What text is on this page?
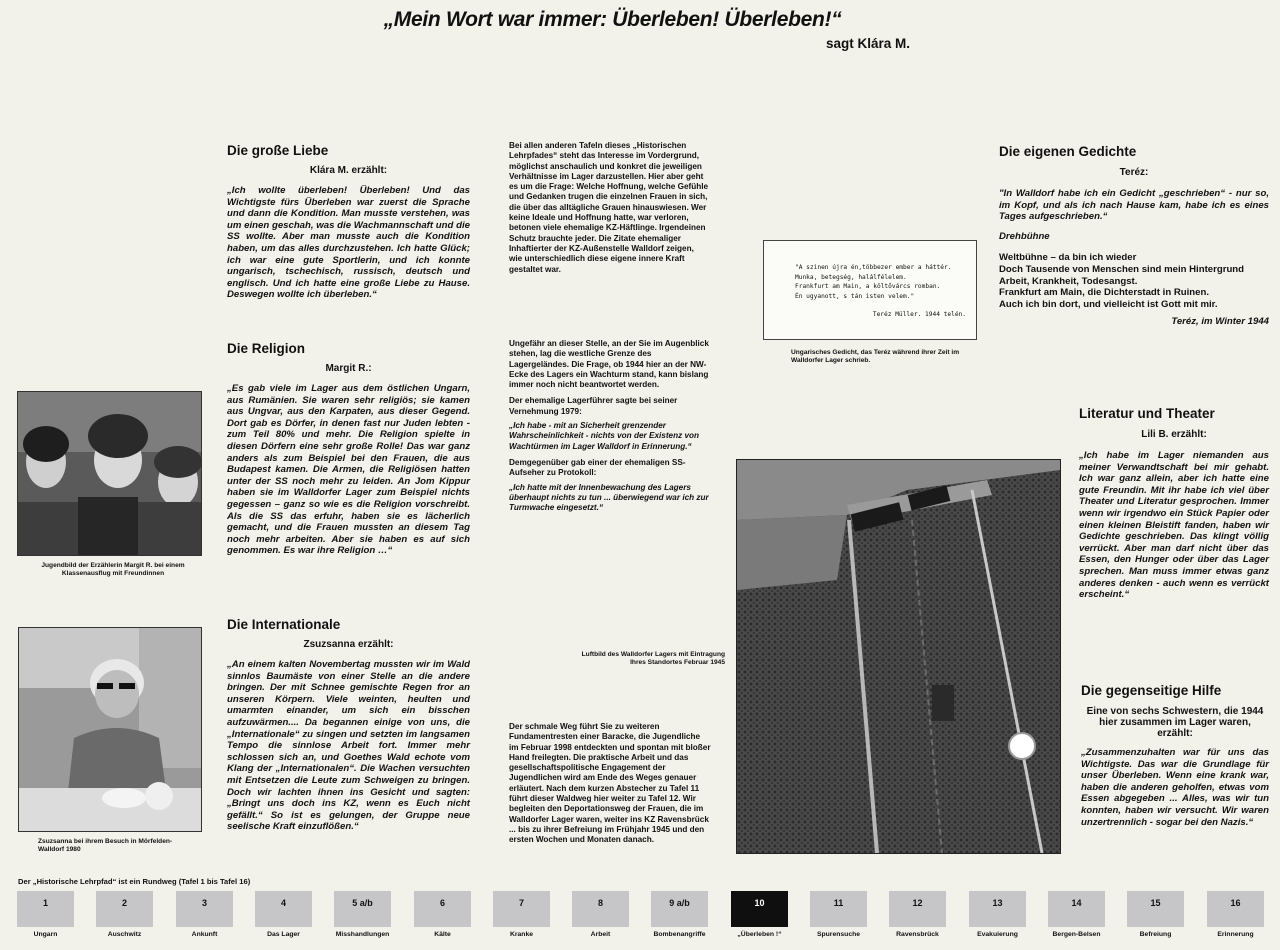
„Mein Wort war immer: Überleben! Überleben!“
sagt Klára M.
Die große Liebe
Klára M. erzählt:
„Ich wollte überleben! Überleben! Und das Wichtigste fürs Überleben war zuerst die Sprache und dann die Kondition. Man musste verstehen, was um einen geschah, was die Wachmannschaft und die SS wollte. Aber man musste auch die Kondition haben, um das alles durchzustehen. Ich hatte Glück; ich war eine gute Sportlerin, und ich konnte ungarisch, tschechisch, russisch, deutsch und englisch. Und ich hatte eine große Liebe zu Hause. Deswegen wollte ich überleben.“
Die Religion
Margit R.:
„Es gab viele im Lager aus dem östlichen Ungarn, aus Rumänien. Sie waren sehr religiös; sie kamen aus Ungvar, aus den Karpaten, aus dieser Gegend. Dort gab es Dörfer, in denen fast nur Juden lebten - zum Teil 80% und mehr. Die Religion spielte in diesen Dörfern eine sehr große Rolle! Das war ganz anders als zum Beispiel bei den Frauen, die aus Budapest kamen. Die Armen, die Religiösen hatten unter der SS noch mehr zu leiden. An Jom Kippur haben sie im Walldorfer Lager zum Beispiel nichts gegessen – ganz so wie es die Religion vorschreibt. Als die SS das erfuhr, haben sie es lächerlich gemacht, und die Frauen mussten an diesem Tag noch mehr arbeiten. Aber sie haben es auf sich genommen. Es war ihre Religion …“
Die Internationale
Zsuzsanna erzählt:
„An einem kalten Novembertag mussten wir im Wald sinnlos Baumäste von einer Stelle an die andere bringen. Der mit Schnee gemischte Regen fror an unseren Körpern. Viele weinten, heulten und umarmten einander, um sich ein bisschen aufzuwärmen.... Da begannen einige von uns, die „Internationale“ zu singen und setzten im langsamen Tempo die sinnlose Arbeit fort. Immer mehr schlossen sich an, und Goethes Wald echote vom Klang der „Internationalen“. Die Wachen versuchten mit Entsetzen die Leute zum Schweigen zu bringen. Doch wir lachten ihnen ins Gesicht und sagten: „Bringt uns doch ins KZ, wenn es Euch nicht gefällt.“ So ist es gelungen, der Gruppe neue seelische Kraft einzuflößen.“
Jugendbild der Erzählerin Margit R. bei einem Klassenausflug mit Freundinnen
Zsuzsanna bei ihrem Besuch in Mörfelden-Walldorf 1980
Bei allen anderen Tafeln dieses „Historischen Lehrpfades“ steht das Interesse im Vordergrund, möglichst anschaulich und konkret die jeweiligen Verhältnisse im Lager darzustellen. Hier aber geht es um die Frage: Welche Hoffnung, welche Gefühle und Gedanken trugen die einzelnen Frauen in sich, die über das alltägliche Grauen hinauswiesen. Wer keine Ideale und Hoffnung hatte, war verloren, betonen viele ehemalige KZ-Häftlinge. Irgendeinen Schutz brauchte jeder. Die Zitate ehemaliger Inhaftierter der KZ-Außenstelle Walldorf zeigen, wie unterschiedlich diese eigene innere Kraft gestaltet war.

Ungefähr an dieser Stelle, an der Sie im Augenblick stehen, lag die westliche Grenze des Lagergeländes. Die Frage, ob 1944 hier an der NW-Ecke des Lagers ein Wachturm stand, kann bislang immer noch nicht beantwortet werden.

Der ehemalige Lagerführer sagte bei seiner Vernehmung 1979:

„Ich habe - mit an Sicherheit grenzender Wahrscheinlichkeit - nichts von der Existenz von Wachtürmen im Lager Walldorf in Erinnerung.“

Demgegenüber gab einer der ehemaligen SS-Aufseher zu Protokoll:

„Ich hatte mit der Innenbewachung des Lagers überhaupt nichts zu tun ... überwiegend war ich zur Turmwache eingesetzt.“

Luftbild des Walldorfer Lagers mit Eintragung Ihres Standortes Februar 1945
Der schmale Weg führt Sie zu weiteren Fundamentresten einer Baracke, die Jugendliche im Februar 1998 entdeckten und spontan mit bloßer Hand freilegten. Die praktische Arbeit und das gesellschaftspolitische Engagement der Jugendlichen wird am Ende des Weges genauer erläutert. Nach dem kurzen Abstecher zu Tafel 11 führt dieser Waldweg hier weiter zu Tafel 12. Wir begleiten den Deportationsweg der Frauen, die im Walldorfer Lager waren, weiter ins KZ Ravensbrück ... bis zu ihrer Befreiung im Frühjahr 1945 und den ersten Wochen und Monaten danach.
"A szinen újra én,többezer ember a háttér.
Munka, betegség, halálfélelem.
Frankfurt am Main, a költővárcs romban.
Én ugyanott, s tán isten velem."
Teréz Müller. 1944 telén.
Ungarisches Gedicht, das Teréz während ihrer Zeit im Walldorfer Lager schrieb.
Die eigenen Gedichte
Teréz:
"In Walldorf habe ich ein Gedicht „geschrieben“ - nur so, im Kopf, und als ich nach Hause kam, habe ich es eines Tages aufgeschrieben.“
Drehbühne
Weltbühne – da bin ich wieder
Doch Tausende von Menschen sind mein Hintergrund
Arbeit, Krankheit, Todesangst.
Frankfurt am Main, die Dichterstadt in Ruinen.
Auch ich bin dort, und vielleicht ist Gott mit mir.
Teréz, im Winter 1944
Literatur und Theater
Lili B. erzählt:
„Ich habe im Lager niemanden aus meiner Verwandtschaft bei mir gehabt. Ich war ganz allein, aber ich hatte eine gute Freundin. Mit ihr habe ich viel über Theater und Literatur gesprochen. Immer wenn wir irgendwo ein Stück Papier oder einen kleinen Bleistift fanden, haben wir Gedichte geschrieben. Das klingt völlig verrückt. Aber man darf nicht über das Essen, den Hunger oder über das Lager sprechen. Man muss immer etwas ganz anderes denken - auch wenn es verrückt erscheint.“
Die gegenseitige Hilfe
Eine von sechs Schwestern, die 1944 hier zusammen im Lager waren, erzählt:
„Zusammenzuhalten war für uns das Wichtigste. Das war die Grundlage für unser Überleben. Wenn eine krank war, haben die anderen geholfen, etwas vom Essen abgegeben ... Alles, was wir tun konnten, haben wir versucht. Wir waren unzertrennlich - sogar bei den Nazis.“
Der „Historische Lehrpfad“ ist ein Rundweg (Tafel 1 bis Tafel 16)
1
Ungarn
2
Auschwitz
3
Ankunft
4
Das Lager
5 a/b
Misshandlungen
6
Kälte
7
Kranke
8
Arbeit
9 a/b
Bombenangriffe
10
„Überleben !“
11
Spurensuche
12
Ravensbrück
13
Evakuierung
14
Bergen-Belsen
15
Befreiung
16
Erinnerung
